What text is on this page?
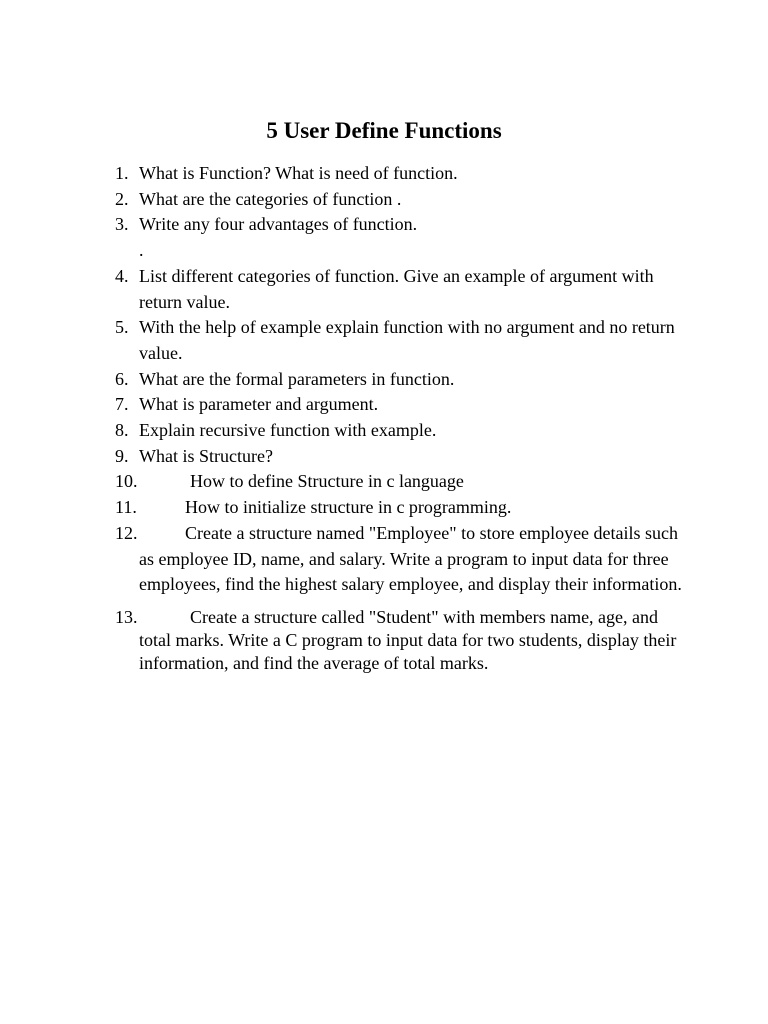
5 User Define Functions
1. What is Function? What is need of function.
2. What are the categories of function .
3. Write any four advantages of function.
.
4. List different categories of function. Give an example of argument with return value.
5. With the help of example explain function with no argument and no return value.
6. What are the formal parameters in function.
7. What is parameter and argument.
8. Explain recursive function with example.
9. What is Structure?
10.	How to define Structure in c language
11.	How to initialize structure in c programming.
12.	Create a structure named "Employee" to store employee details such as employee ID, name, and salary. Write a program to input data for three employees, find the highest salary employee, and display their information.
13.	Create a structure called "Student" with members name, age, and total marks. Write a C program to input data for two students, display their information, and find the average of total marks.
